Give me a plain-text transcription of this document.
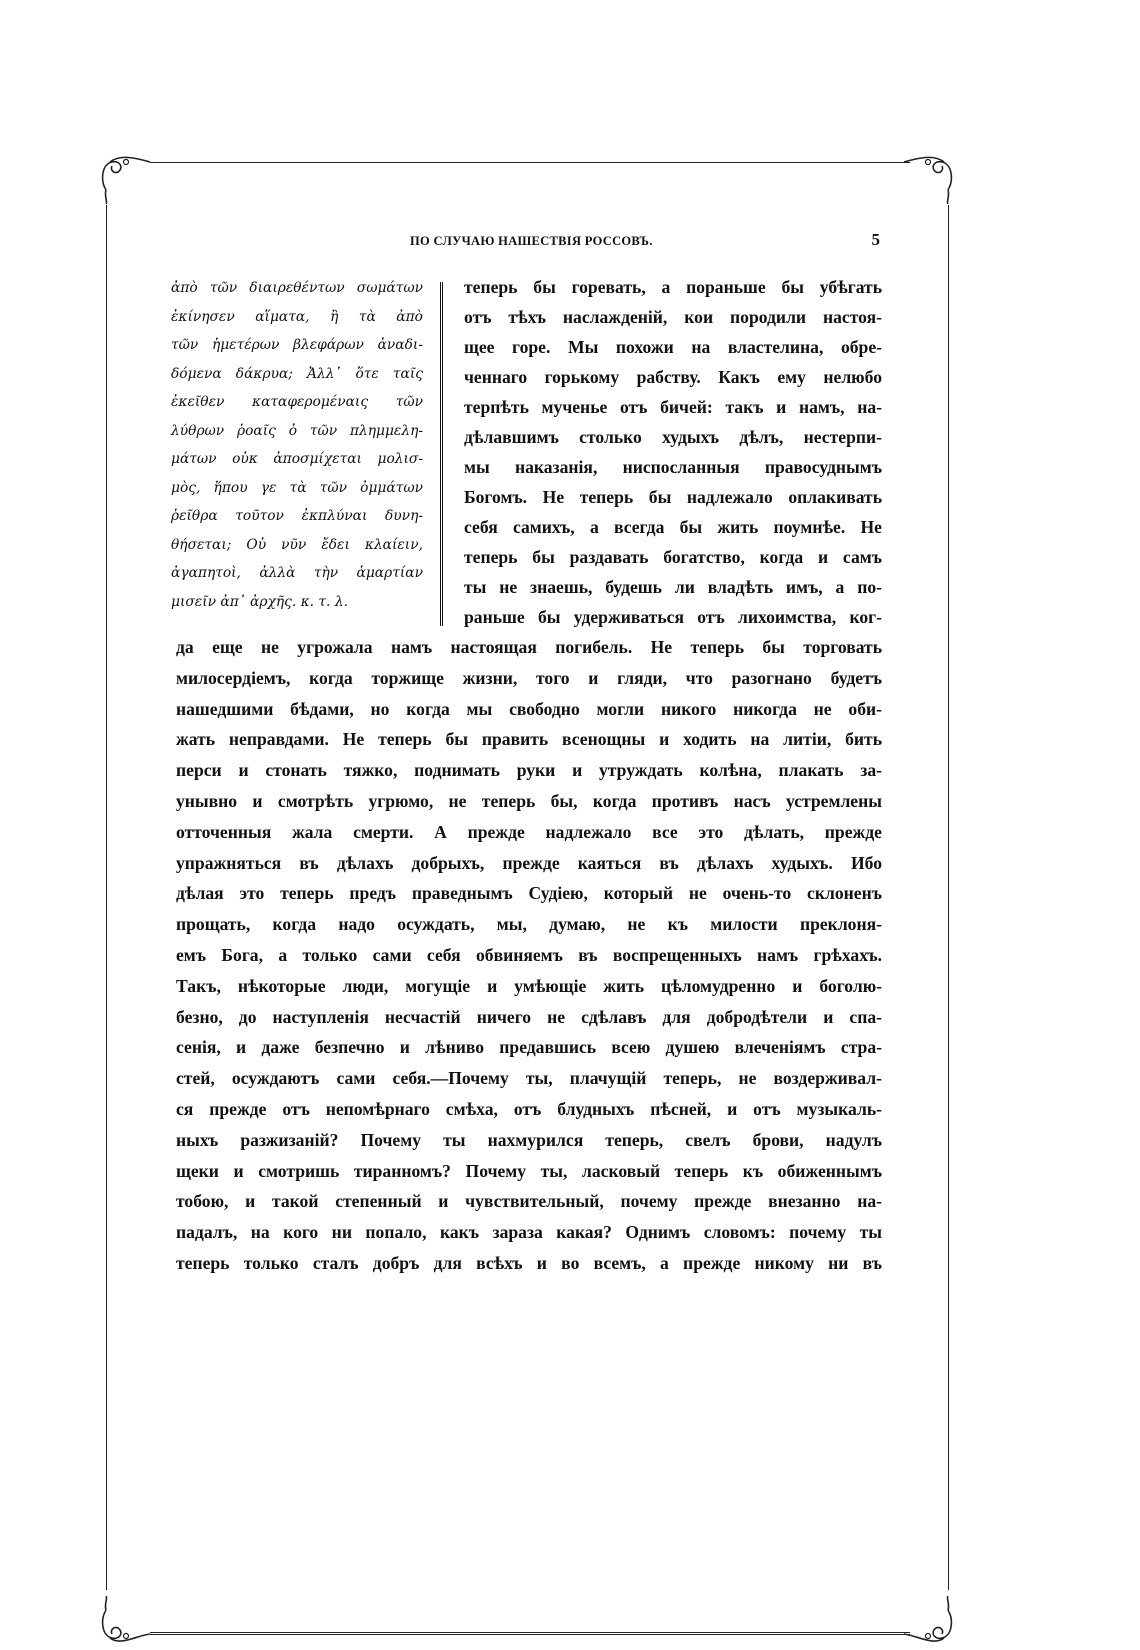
ПО СЛУЧАЮ НАШЕСТВІЯ РОССОВЪ.	5
ἀπὸ τῶν διαιρεθέντων σωμάτων
ἐκίνησεν αἵματα, ἢ τὰ ἀπὸ
τῶν ἡμετέρων βλεφάρων ἀναδι-
δόμενα δάκρυα; Ἀλλ᾽ ὅτε ταῖς
ἐκεῖθεν καταφερομέναις τῶν
λύθρων ῥοαῖς ὁ τῶν πλημμελη-
μάτων οὐκ ἀποσμίχεται μολισ-
μὸς, ἥπου γε τὰ τῶν ὀμμάτων
ῥεῖθρα τοῦτον ἐκπλύναι δυνη-
θήσεται; Οὐ νῦν ἔδει κλαίειν,
ἀγαπητοὶ, ἀλλὰ τὴν ἁμαρτίαν
μισεῖν ἀπ᾽ ἀρχῆς. κ. τ. λ.
теперь бы горевать, а пораньше бы убѣгать
отъ тѣхъ наслажденій, кои породили настоя-
щее горе. Мы похожи на властелина, обре-
ченнаго горькому рабству. Какъ ему нелюбо
терпѣть мученье отъ бичей: такъ и намъ, на-
дѣлавшимъ столько худыхъ дѣлъ, нестерпи-
мы наказанія, ниспосланныя правосуднымъ
Богомъ. Не теперь бы надлежало оплакивать
себя самихъ, а всегда бы жить поумнѣе. Не
теперь бы раздавать богатство, когда и самъ
ты не знаешь, будешь ли владѣть имъ, а по-
раньше бы удерживаться отъ лихоимства, ког-
да еще не угрожала намъ настоящая погибель. Не теперь бы торговать
милосердіемъ, когда торжище жизни, того и гляди, что разогнано будетъ
нашедшими бѣдами, но когда мы свободно могли никого никогда не оби-
жать неправдами. Не теперь бы править всенощны и ходить на литіи, бить
перси и стонать тяжко, поднимать руки и утруждать колѣна, плакать за-
унывно и смотрѣть угрюмо, не теперь бы, когда противъ насъ устремлены
отточенныя жала смерти. А прежде надлежало все это дѣлать, прежде
упражняться въ дѣлахъ добрыхъ, прежде каяться въ дѣлахъ худыхъ. Ибо
дѣлая это теперь предъ праведнымъ Судіею, который не очень-то склоненъ
прощать, когда надо осуждать, мы, думаю, не къ милости преклоня-
емъ Бога, а только сами себя обвиняемъ въ воспрещенныхъ намъ грѣхахъ.
Такъ, нѣкоторые люди, могущіе и умѣющіе жить цѣломудренно и боголю-
безно, до наступленія несчастій ничего не сдѣлавъ для добродѣтели и спа-
сенія, и даже безпечно и лѣниво предавшись всею душею влеченіямъ стра-
стей, осуждаютъ сами себя.—Почему ты, плачущій теперь, не воздерживал-
ся прежде отъ непомѣрнаго смѣха, отъ блудныхъ пѣсней, и отъ музыкаль-
ныхъ разжизаній? Почему ты нахмурился теперь, свелъ брови, надулъ
щеки и смотришь тиранномъ? Почему ты, ласковый теперь къ обиженнымъ
тобою, и такой степенный и чувствительный, почему прежде внезанно на-
падалъ, на кого ни попало, какъ зараза какая? Однимъ словомъ: почему ты
теперь только сталъ добръ для всѣхъ и во всемъ, а прежде никому ни въ
